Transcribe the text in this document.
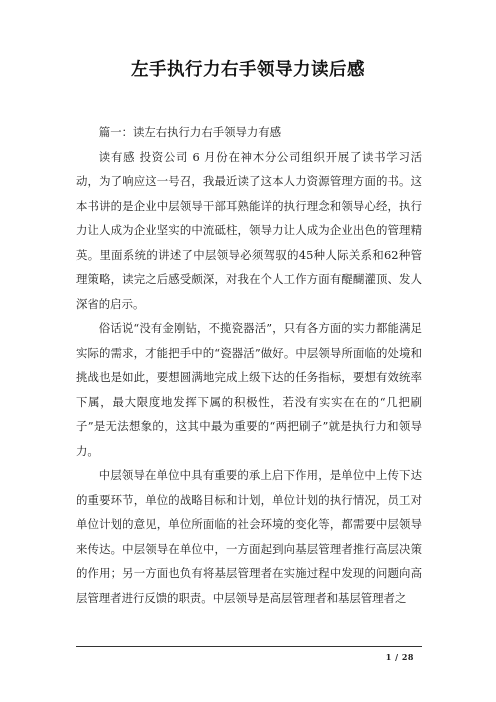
左手执行力右手领导力读后感

篇一：读左右执行力右手领导力有感

读有感 投资公司 6 月份在神木分公司组织开展了读书学习活动，为了响应这一号召，我最近读了这本人力资源管理方面的书。这本书讲的是企业中层领导干部耳熟能详的执行理念和领导心经，执行力让人成为企业坚实的中流砥柱，领导力让人成为企业出色的管理精英。里面系统的讲述了中层领导必须驾驭的45种人际关系和62种管理策略，读完之后感受颇深，对我在个人工作方面有醍醐灌顶、发人深省的启示。

俗话说“没有金刚钻，不揽瓷器活”，只有各方面的实力都能满足实际的需求，才能把手中的“瓷器活”做好。中层领导所面临的处境和挑战也是如此，要想圆满地完成上级下达的任务指标，要想有效统率下属，最大限度地发挥下属的积极性，若没有实实在在的“几把刷子”是无法想象的，这其中最为重要的“两把刷子”就是执行力和领导力。

中层领导在单位中具有重要的承上启下作用，是单位中上传下达的重要环节，单位的战略目标和计划，单位计划的执行情况，员工对单位计划的意见，单位所面临的社会环境的变化等，都需要中层领导来传达。中层领导在单位中，一方面起到向基层管理者推行高层决策的作用；另一方面也负有将基层管理者在实施过程中发现的问题向高层管理者进行反馈的职责。中层领导是高层管理者和基层管理者之

1 / 28
